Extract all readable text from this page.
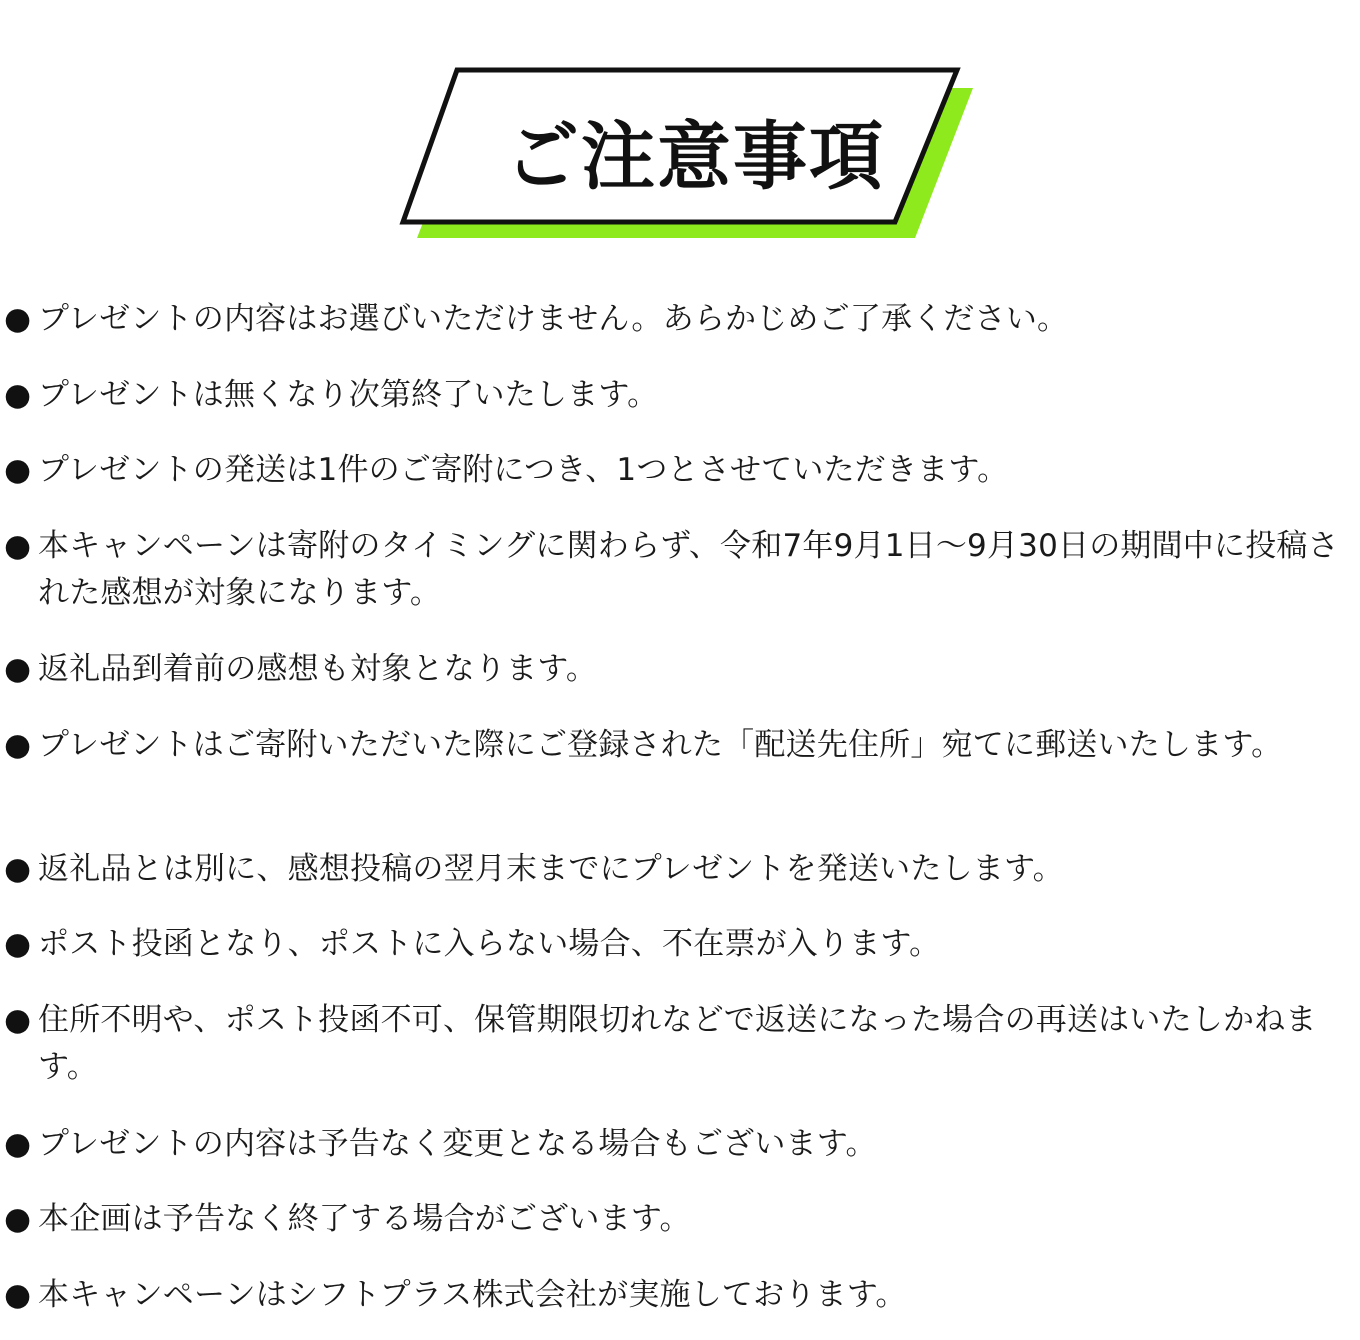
ご注意事項
● プレゼントの内容はお選びいただけません。あらかじめご了承ください。
● プレゼントは無くなり次第終了いたします。
● プレゼントの発送は1件のご寄附につき、1つとさせていただきます。
● 本キャンペーンは寄附のタイミングに関わらず、令和7年9月1日～9月30日の期間中に投稿された感想が対象になります。
● 返礼品到着前の感想も対象となります。
● プレゼントはご寄附いただいた際にご登録された「配送先住所」宛てに郵送いたします。
● 返礼品とは別に、感想投稿の翌月末までにプレゼントを発送いたします。
● ポスト投函となり、ポストに入らない場合、不在票が入ります。
● 住所不明や、ポスト投函不可、保管期限切れなどで返送になった場合の再送はいたしかねます。
● プレゼントの内容は予告なく変更となる場合もございます。
● 本企画は予告なく終了する場合がございます。
● 本キャンペーンはシフトプラス株式会社が実施しております。
